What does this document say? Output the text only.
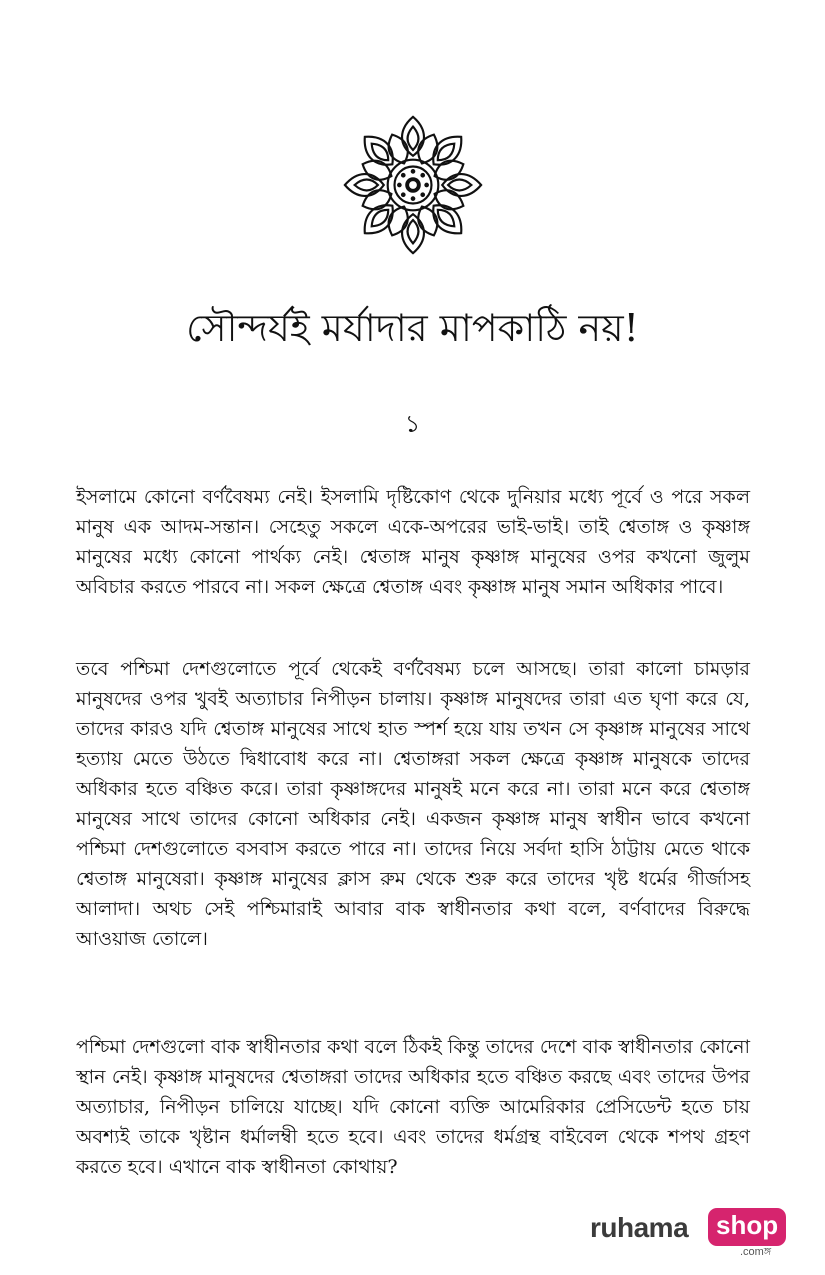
সৌন্দর্যই মর্যাদার মাপকাঠি নয়!
১

ইসলামে কোনো বর্ণবৈষম্য নেই। ইসলামি দৃষ্টিকোণ থেকে দুনিয়ার মধ্যে পূর্বে ও পরে সকল মানুষ এক আদম-সন্তান। সেহেতু সকলে একে-অপরের ভাই-ভাই। তাই শ্বেতাঙ্গ ও কৃষ্ণাঙ্গ মানুষের মধ্যে কোনো পার্থক্য নেই। শ্বেতাঙ্গ মানুষ কৃষ্ণাঙ্গ মানুষের ওপর কখনো জুলুম অবিচার করতে পারবে না। সকল ক্ষেত্রে শ্বেতাঙ্গ এবং কৃষ্ণাঙ্গ মানুষ সমান অধিকার পাবে।

তবে পশ্চিমা দেশগুলোতে পূর্বে থেকেই বর্ণবৈষম্য চলে আসছে। তারা কালো চামড়ার মানুষদের ওপর খুবই অত্যাচার নিপীড়ন চালায়। কৃষ্ণাঙ্গ মানুষদের তারা এত ঘৃণা করে যে, তাদের কারও যদি শ্বেতাঙ্গ মানুষের সাথে হাত স্পর্শ হয়ে যায় তখন সে কৃষ্ণাঙ্গ মানুষের সাথে হত্যায় মেতে উঠতে দ্বিধাবোধ করে না। শ্বেতাঙ্গরা সকল ক্ষেত্রে কৃষ্ণাঙ্গ মানুষকে তাদের অধিকার হতে বঞ্চিত করে। তারা কৃষ্ণাঙ্গদের মানুষই মনে করে না। তারা মনে করে শ্বেতাঙ্গ মানুষের সাথে তাদের কোনো অধিকার নেই। একজন কৃষ্ণাঙ্গ মানুষ স্বাধীন ভাবে কখনো পশ্চিমা দেশগুলোতে বসবাস করতে পারে না। তাদের নিয়ে সর্বদা হাসি ঠাট্টায় মেতে থাকে শ্বেতাঙ্গ মানুষেরা। কৃষ্ণাঙ্গ মানুষের ক্লাস রুম থেকে শুরু করে তাদের খৃষ্ট ধর্মের গীর্জাসহ আলাদা। অথচ সেই পশ্চিমারাই আবার বাক স্বাধীনতার কথা বলে, বর্ণবাদের বিরুদ্ধে আওয়াজ তোলে।

পশ্চিমা দেশগুলো বাক স্বাধীনতার কথা বলে ঠিকই কিন্তু তাদের দেশে বাক স্বাধীনতার কোনো স্থান নেই। কৃষ্ণাঙ্গ মানুষদের শ্বেতাঙ্গরা তাদের অধিকার হতে বঞ্চিত করছে এবং তাদের উপর অত্যাচার, নিপীড়ন চালিয়ে যাচ্ছে। যদি কোনো ব্যক্তি আমেরিকার প্রেসিডেন্ট হতে চায় অবশ্যই তাকে খৃষ্টান ধর্মালম্বী হতে হবে। এবং তাদের ধর্মগ্রন্থ বাইবেল থেকে শপথ গ্রহণ করতে হবে। এখানে বাক স্বাধীনতা কোথায়?

ruhama	shop
.comঙ্গ
